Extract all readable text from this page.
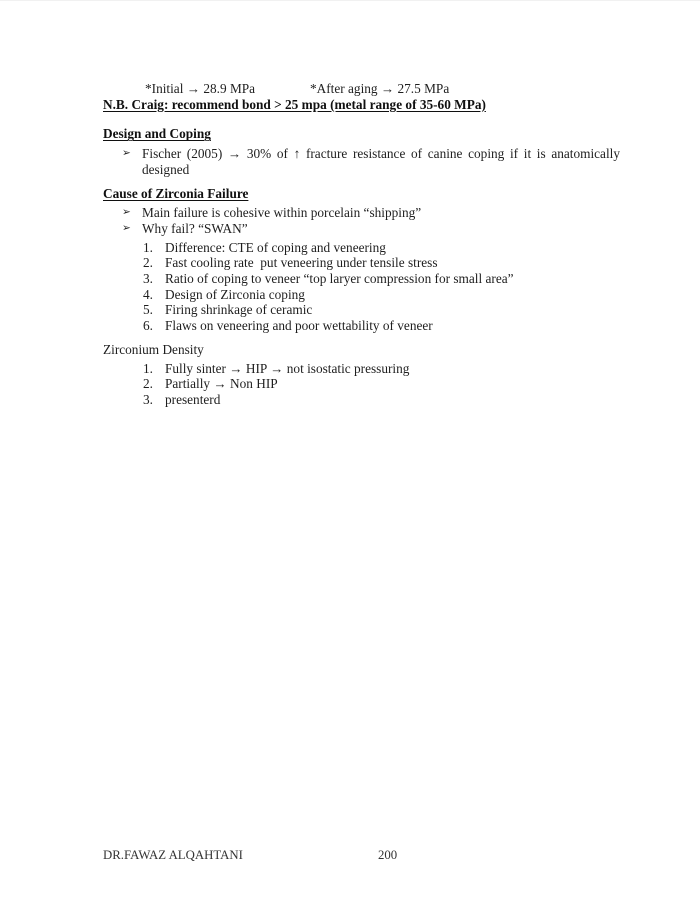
*Initial → 28.9 MPa	*After aging → 27.5 MPa
N.B. Craig: recommend bond > 25 mpa (metal range of 35-60 MPa)
Design and Coping
➢ Fischer (2005) → 30% of ↑ fracture resistance of canine coping if it is anatomically
designed
Cause of Zirconia Failure
➢ Main failure is cohesive within porcelain “shipping”
➢ Why fail? “SWAN”
1. Difference: CTE of coping and veneering
2. Fast cooling rate  put veneering under tensile stress
3. Ratio of coping to veneer “top laryer compression for small area”
4. Design of Zirconia coping
5. Firing shrinkage of ceramic
6. Flaws on veneering and poor wettability of veneer
Zirconium Density
1. Fully sinter → HIP → not isostatic pressuring
2. Partially → Non HIP
3. presenterd
DR.FAWAZ ALQAHTANI	200
